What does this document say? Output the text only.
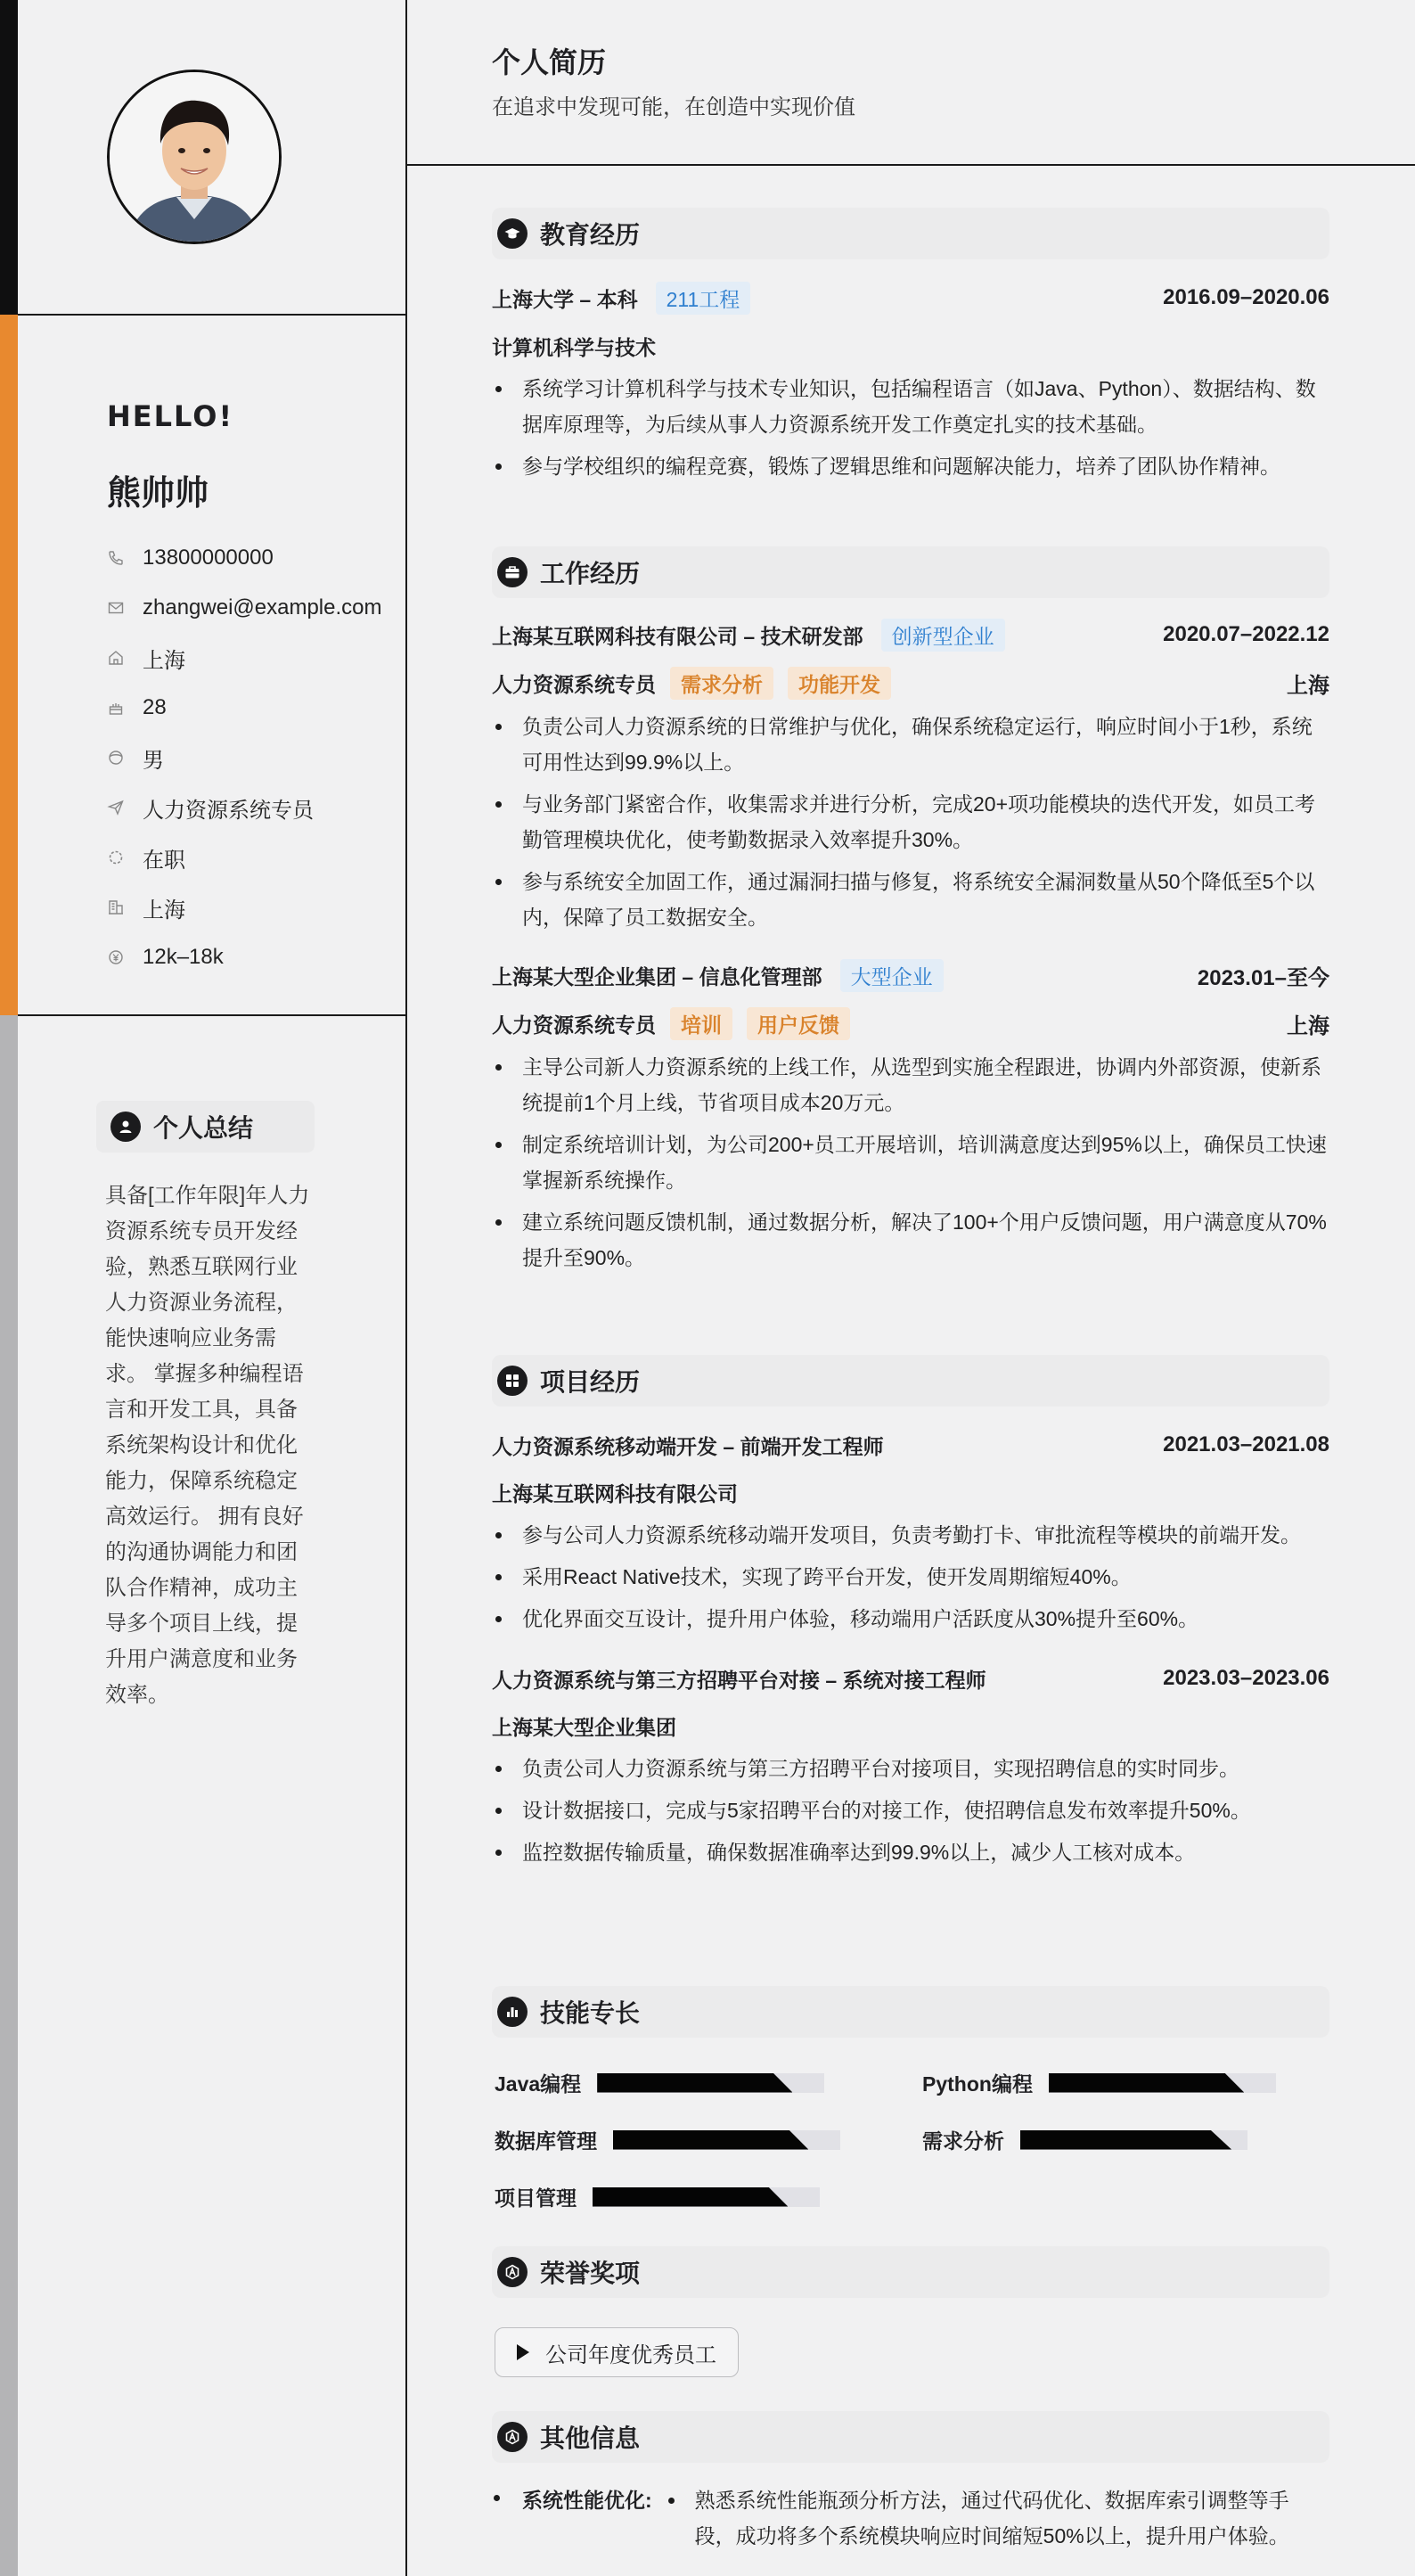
HELLO!
熊帅帅
13800000000
zhangwei@example.com
上海
28
男
人力资源系统专员
在职
上海
12k–18k
个人总结
具备[工作年限]年人力资源系统专员开发经验，熟悉互联网行业人力资源业务流程，能快速响应业务需求。 掌握多种编程语言和开发工具，具备系统架构设计和优化能力，保障系统稳定高效运行。 拥有良好的沟通协调能力和团队合作精神，成功主导多个项目上线，提升用户满意度和业务效率。
个人简历
在追求中发现可能，在创造中实现价值
教育经历
上海大学 – 本科	211工程	2016.09–2020.06
计算机科学与技术
系统学习计算机科学与技术专业知识，包括编程语言（如Java、Python）、数据结构、数据库原理等，为后续从事人力资源系统开发工作奠定扎实的技术基础。
参与学校组织的编程竞赛，锻炼了逻辑思维和问题解决能力，培养了团队协作精神。
工作经历
上海某互联网科技有限公司 – 技术研发部	创新型企业	2020.07–2022.12
人力资源系统专员	需求分析	功能开发	上海
负责公司人力资源系统的日常维护与优化，确保系统稳定运行，响应时间小于1秒，系统可用性达到99.9%以上。
与业务部门紧密合作，收集需求并进行分析，完成20+项功能模块的迭代开发，如员工考勤管理模块优化，使考勤数据录入效率提升30%。
参与系统安全加固工作，通过漏洞扫描与修复，将系统安全漏洞数量从50个降低至5个以内，保障了员工数据安全。
上海某大型企业集团 – 信息化管理部	大型企业	2023.01–至今
人力资源系统专员	培训	用户反馈	上海
主导公司新人力资源系统的上线工作，从选型到实施全程跟进，协调内外部资源，使新系统提前1个月上线，节省项目成本20万元。
制定系统培训计划，为公司200+员工开展培训，培训满意度达到95%以上，确保员工快速掌握新系统操作。
建立系统问题反馈机制，通过数据分析，解决了100+个用户反馈问题，用户满意度从70%提升至90%。
项目经历
人力资源系统移动端开发 – 前端开发工程师	2021.03–2021.08
上海某互联网科技有限公司
参与公司人力资源系统移动端开发项目，负责考勤打卡、审批流程等模块的前端开发。
采用React Native技术，实现了跨平台开发，使开发周期缩短40%。
优化界面交互设计，提升用户体验，移动端用户活跃度从30%提升至60%。
人力资源系统与第三方招聘平台对接 – 系统对接工程师	2023.03–2023.06
上海某大型企业集团
负责公司人力资源系统与第三方招聘平台对接项目，实现招聘信息的实时同步。
设计数据接口，完成与5家招聘平台的对接工作，使招聘信息发布效率提升50%。
监控数据传输质量，确保数据准确率达到99.9%以上，减少人工核对成本。
技能专长
Java编程	Python编程
数据库管理	需求分析
项目管理
荣誉奖项
公司年度优秀员工
其他信息
系统性能优化:	熟悉系统性能瓶颈分析方法，通过代码优化、数据库索引调整等手段，成功将多个系统模块响应时间缩短50%以上，提升用户体验。
